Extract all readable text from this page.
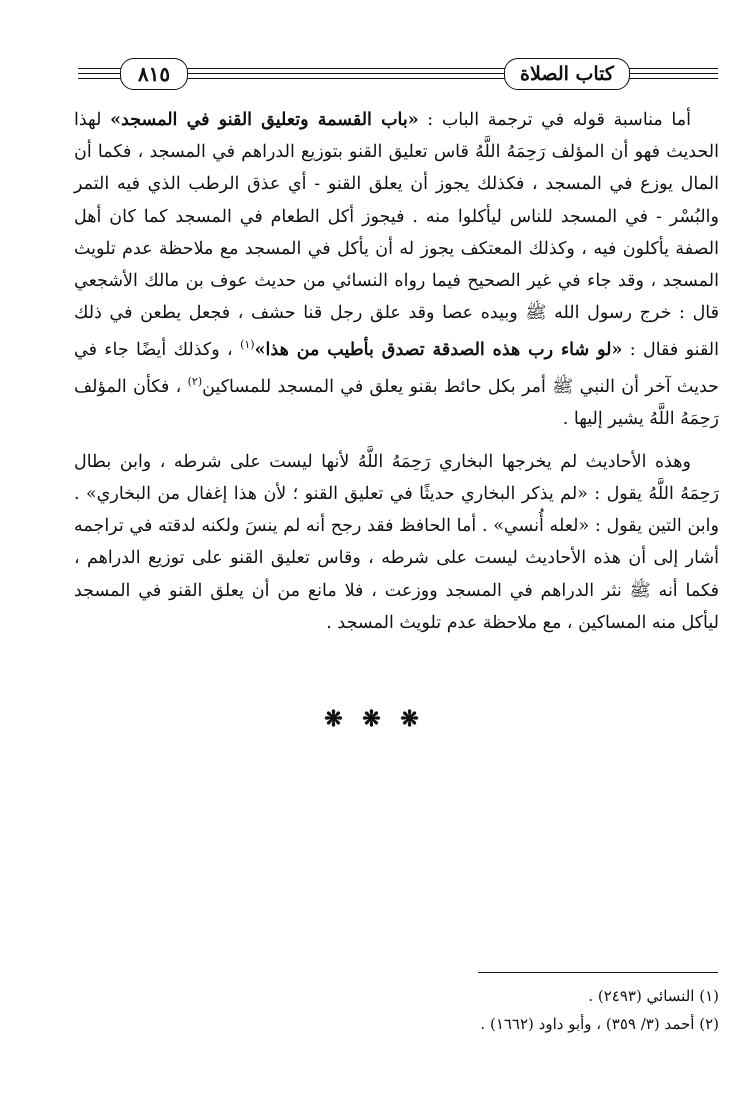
كتاب الصلاة
٨١٥

أما مناسبة قوله في ترجمة الباب : «باب القسمة وتعليق القنو في المسجد» لهذا الحديث فهو أن المؤلف رَحِمَهُ اللَّهُ قاس تعليق القنو بتوزيع الدراهم في المسجد ، فكما أن المال يوزع في المسجد ، فكذلك يجوز أن يعلق القنو - أي عذق الرطب الذي فيه التمر والبُسْر - في المسجد للناس ليأكلوا منه . فيجوز أكل الطعام في المسجد كما كان أهل الصفة يأكلون فيه ، وكذلك المعتكف يجوز له أن يأكل في المسجد مع ملاحظة عدم تلويث المسجد ، وقد جاء في غير الصحيح فيما رواه النسائي من حديث عوف بن مالك الأشجعي قال : خرج رسول الله ﷺ وبيده عصا وقد علق رجل قنا حشف ، فجعل يطعن في ذلك القنو فقال : «لو شاء رب هذه الصدقة تصدق بأطيب من هذا»$^{(١)}$ ، وكذلك أيضًا جاء في حديث آخر أن النبي ﷺ أمر بكل حائط بقنو يعلق في المسجد للمساكين$^{(٢)}$ ، فكأن المؤلف رَحِمَهُ اللَّهُ يشير إليها .

وهذه الأحاديث لم يخرجها البخاري رَحِمَهُ اللَّهُ لأنها ليست على شرطه ، وابن بطال رَحِمَهُ اللَّهُ يقول : «لم يذكر البخاري حديثًا في تعليق القنو ؛ لأن هذا إغفال من البخاري» . وابن التين يقول : «لعله أُنسي» . أما الحافظ فقد رجح أنه لم ينسَ ولكنه لدقته في تراجمه أشار إلى أن هذه الأحاديث ليست على شرطه ، وقاس تعليق القنو على توزيع الدراهم ، فكما أنه ﷺ نثر الدراهم في المسجد ووزعت ، فلا مانع من أن يعلق القنو في المسجد ليأكل منه المساكين ، مع ملاحظة عدم تلويث المسجد .

❋ ❋ ❋

(١) النسائي (٢٤٩٣) .

(٢) أحمد (٣/ ٣٥٩) ، وأبو داود (١٦٦٢) .
